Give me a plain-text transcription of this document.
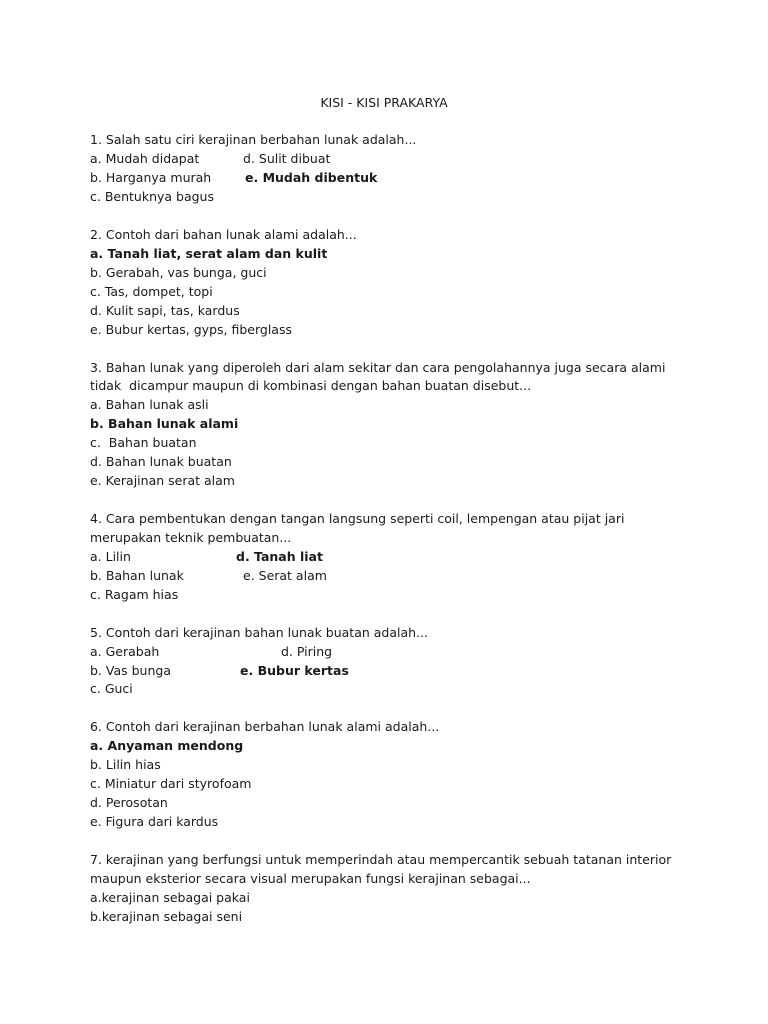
KISI - KISI PRAKARYA
1. Salah satu ciri kerajinan berbahan lunak adalah...
a. Mudah didapat	d. Sulit dibuat
b. Harganya murah	e. Mudah dibentuk
c. Bentuknya bagus
2. Contoh dari bahan lunak alami adalah...
a. Tanah liat, serat alam dan kulit
b. Gerabah, vas bunga, guci
c. Tas, dompet, topi
d. Kulit sapi, tas, kardus
e. Bubur kertas, gyps, fiberglass
3. Bahan lunak yang diperoleh dari alam sekitar dan cara pengolahannya juga secara alami
tidak  dicampur maupun di kombinasi dengan bahan buatan disebut...
a. Bahan lunak asli
b. Bahan lunak alami
c.  Bahan buatan
d. Bahan lunak buatan
e. Kerajinan serat alam
4. Cara pembentukan dengan tangan langsung seperti coil, lempengan atau pijat jari
merupakan teknik pembuatan...
a. Lilin	d. Tanah liat
b. Bahan lunak	e. Serat alam
c. Ragam hias
5. Contoh dari kerajinan bahan lunak buatan adalah...
a. Gerabah	d. Piring
b. Vas bunga	e. Bubur kertas
c. Guci
6. Contoh dari kerajinan berbahan lunak alami adalah...
a. Anyaman mendong
b. Lilin hias
c. Miniatur dari styrofoam
d. Perosotan
e. Figura dari kardus
7. kerajinan yang berfungsi untuk memperindah atau mempercantik sebuah tatanan interior
maupun eksterior secara visual merupakan fungsi kerajinan sebagai...
a.kerajinan sebagai pakai
b.kerajinan sebagai seni
